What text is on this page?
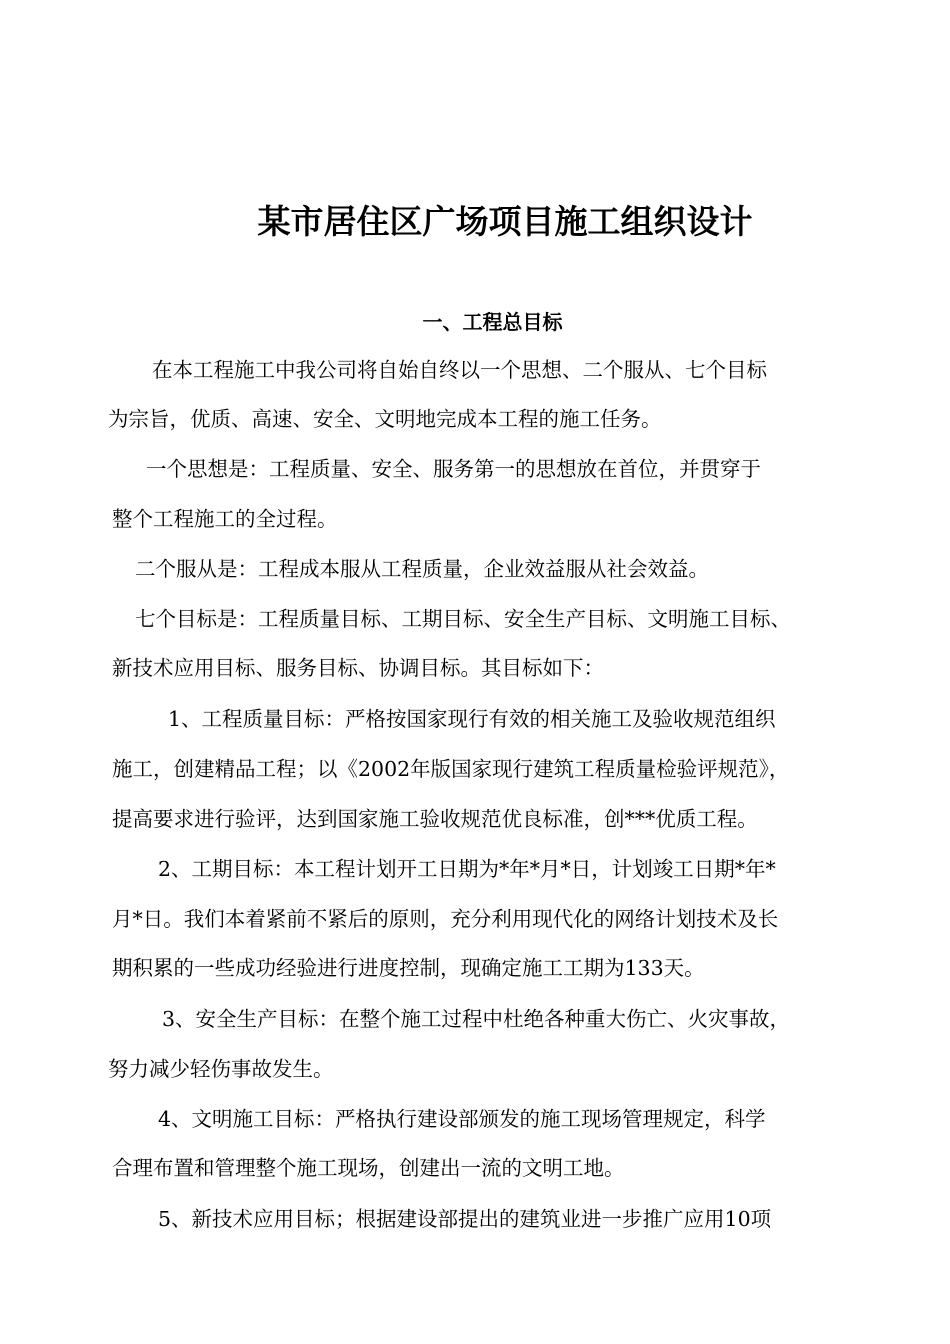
某市居住区广场项目施工组织设计
一、工程总目标
在本工程施工中我公司将自始自终以一个思想、二个服从、七个目标
为宗旨，优质、高速、安全、文明地完成本工程的施工任务。
一个思想是：工程质量、安全、服务第一的思想放在首位，并贯穿于
整个工程施工的全过程。
二个服从是：工程成本服从工程质量，企业效益服从社会效益。
七个目标是：工程质量目标、工期目标、安全生产目标、文明施工目标、
新技术应用目标、服务目标、协调目标。其目标如下：
1、工程质量目标：严格按国家现行有效的相关施工及验收规范组织
施工，创建精品工程；以《2002年版国家现行建筑工程质量检验评规范》，
提高要求进行验评，达到国家施工验收规范优良标准，创***优质工程。
2、工期目标：本工程计划开工日期为*年*月*日，计划竣工日期*年*
月*日。我们本着紧前不紧后的原则，充分利用现代化的网络计划技术及长
期积累的一些成功经验进行进度控制，现确定施工工期为133天。
3、安全生产目标：在整个施工过程中杜绝各种重大伤亡、火灾事故，
努力减少轻伤事故发生。
4、文明施工目标：严格执行建设部颁发的施工现场管理规定，科学
合理布置和管理整个施工现场，创建出一流的文明工地。
5、新技术应用目标；根据建设部提出的建筑业进一步推广应用10项
